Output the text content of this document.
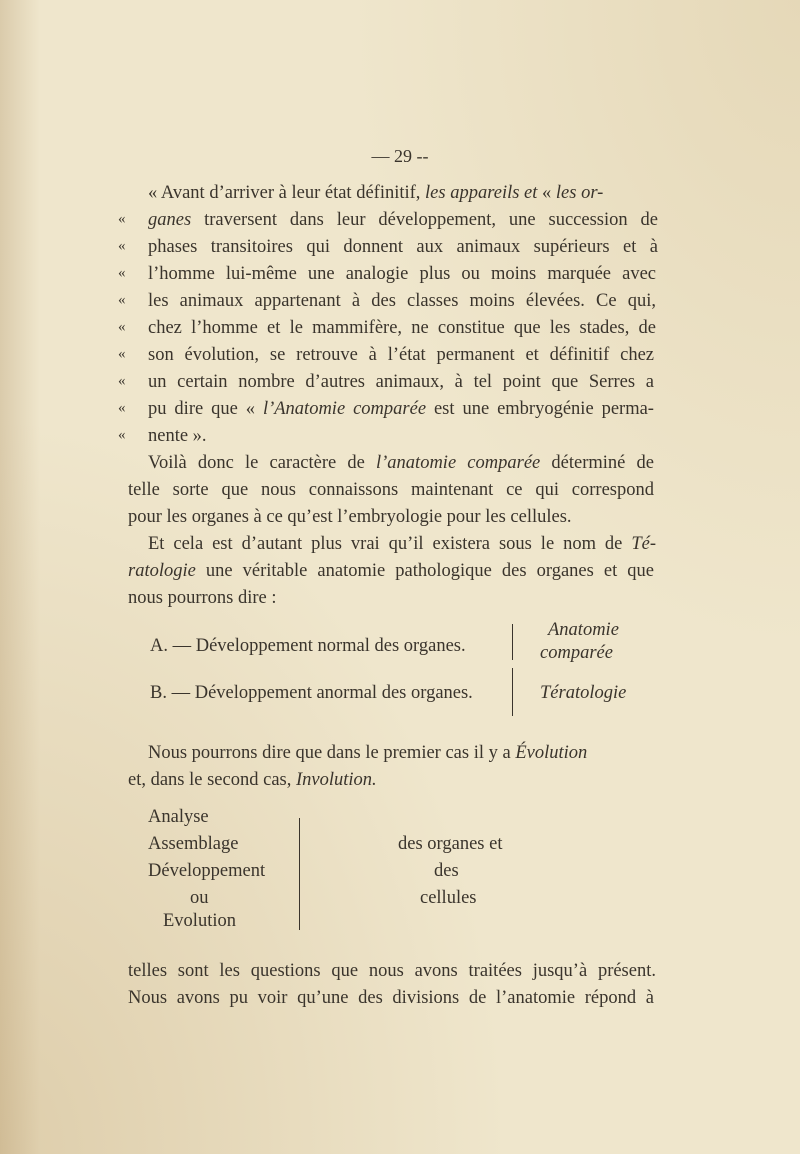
— 29 --
« Avant d’arriver à leur état définitif, les appareils et « les or-
« ganes traversent dans leur développement, une succession de
« phases transitoires qui donnent aux animaux supérieurs et à
« l’homme lui-même une analogie plus ou moins marquée avec
« les animaux appartenant à des classes moins élevées. Ce qui,
« chez l’homme et le mammifère, ne constitue que les stades, de
« son évolution, se retrouve à l’état permanent et définitif chez
« un certain nombre d’autres animaux, à tel point que Serres a
« pu dire que « l’Anatomie comparée est une embryogénie perma-
« nente ».
Voilà donc le caractère de l’anatomie comparée déterminé de
telle sorte que nous connaissons maintenant ce qui correspond
pour les organes à ce qu’est l’embryologie pour les cellules.
Et cela est d’autant plus vrai qu’il existera sous le nom de Té-
ratologie une véritable anatomie pathologique des organes et que
nous pourrons dire :
A. — Développement normal des organes.
Anatomie
comparée
B. — Développement anormal des organes.	Tératologie
Nous pourrons dire que dans le premier cas il y a Évolution
et, dans le second cas, Involution.
Analyse
Assemblage
Développement
ou
Evolution
des organes et
des
cellules
telles sont les questions que nous avons traitées jusqu’à présent.
Nous avons pu voir qu’une des divisions de l’anatomie répond à
